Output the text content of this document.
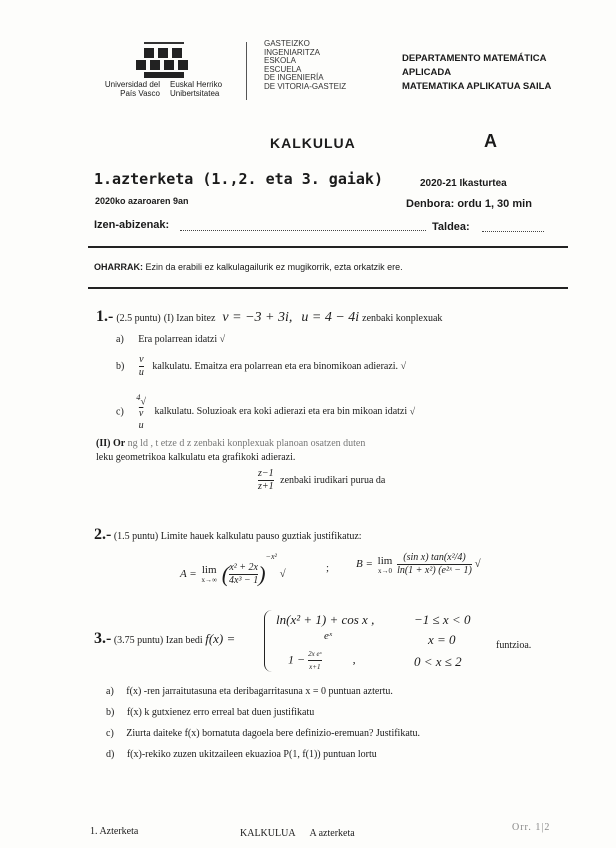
Universidad del País Vasco
Euskal Herriko Unibertsitatea
GASTEIZKO
INGENIARITZA
ESKOLA
ESCUELA
DE INGENIERÍA
DE VITORIA-GASTEIZ
DEPARTAMENTO MATEMÁTICA
APLICADA
MATEMATIKA APLIKATUA SAILA
KALKULUA	A
1.azterketa (1.,2. eta 3. gaiak)	2020-21 Ikasturtea
2020ko azaroaren 9an	Denbora: ordu 1, 30 min
Izen-abizenak:	Taldea:
OHARRAK: Ezin da erabili ez kalkulagailurik ez mugikorrik, ezta orkatzik ere.
1.- (2.5 puntu) (I) Izan bitez v = −3 + 3i, u = 4 − 4i zenbaki konplexuak
a) Era polarrean idatzi √
$b) \frac{v}{u}$ kalkulatu. Emaitza era polarrean eta era binomikoan adierazi. √
c)
$^4$√
v
u
kalkulatu. Soluzioak era koki adierazi eta era bin mikoan idatzi √
(II) Or ng ld , t etze d z zenbaki konplexuak planoan osatzen duten
leku geometrikoa kalkulatu eta grafikoki adierazi.
$\frac{z-1}{z+1}$ zenbaki irudikari purua da
2.- (1.5 puntu) Limite hauek kalkulatu pauso guztiak justifikatuz:
A = lim
x→∞ ( $\frac{\text{x² + 2x}}{\text{4x³ − 1}} )^{-x^2}$ √	; B = lim
x→0
$\frac{\text{(sin x) tan(x²/4)}}{\text{ln(1 + x²) (e²ˣ − 1)}}$ √
3.- (3.75 puntu) Izan bedi f(x) =
ln(x² + 1) + cos x ,	−1 ≤ x < 0
eˣ	x = 0
$1 - \frac{\text{2x eˣ}}{x+1}$	,	0 < x ≤ 2
funtzioa.
a) f(x) -ren jarraitutasuna eta deribagarritasuna x = 0 puntuan aztertu.
b) f(x) k gutxienez erro erreal bat duen justifikatu
c) Ziurta daiteke f(x) bornatuta dagoela bere definizio-eremuan? Justifikatu.
d) f(x)-rekiko zuzen ukitzaileen ekuazioa P(1, f(1)) puntuan lortu
1. Azterketa	KALKULUA      A azterketa
Orr. 1|2
